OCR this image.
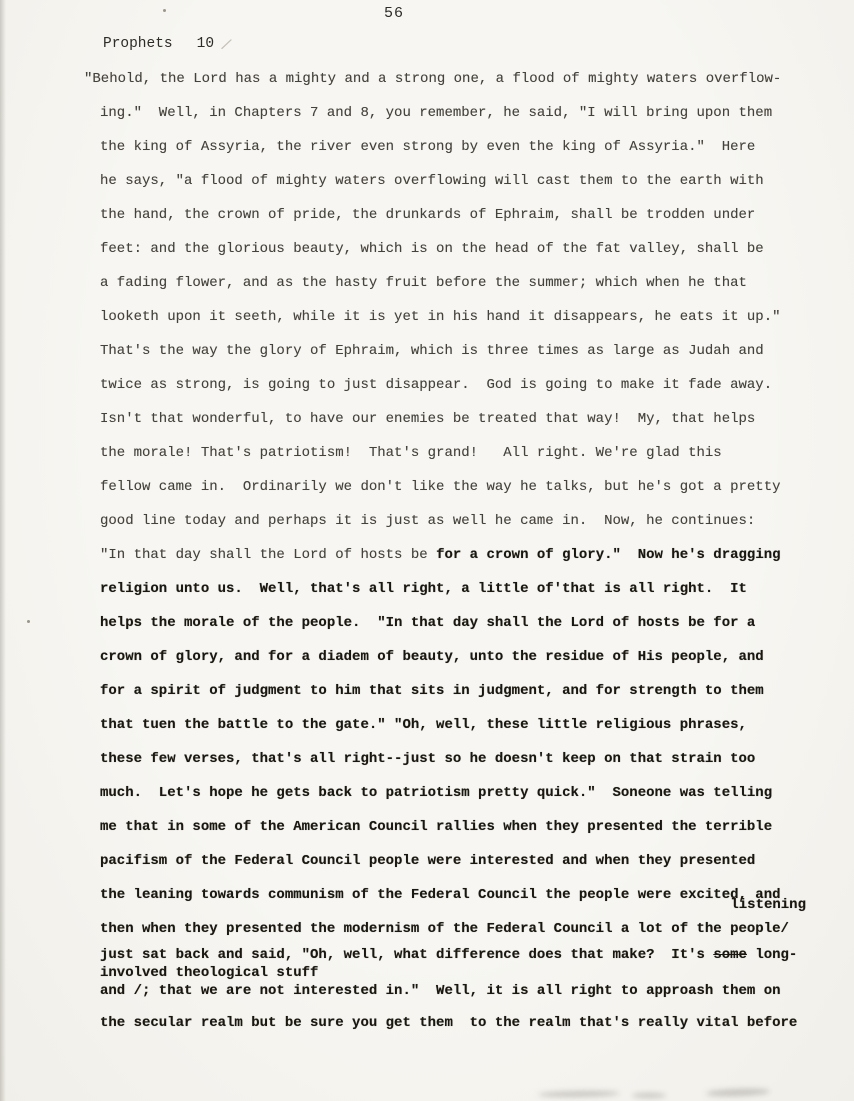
56
Prophets 10 /
"Behold, the Lord has a mighty and a strong one, a flood of mighty waters overflow-
ing."  Well, in Chapters 7 and 8, you remember, he said, "I will bring upon them
the king of Assyria, the river even strong by even the king of Assyria."  Here
he says, "a flood of mighty waters overflowing will cast them to the earth with
the hand, the crown of pride, the drunkards of Ephraim, shall be trodden under
feet: and the glorious beauty, which is on the head of the fat valley, shall be
a fading flower, and as the hasty fruit before the summer; which when he that
looketh upon it seeth, while it is yet in his hand it disappears, he eats it up."
That's the way the glory of Ephraim, which is three times as large as Judah and
twice as strong, is going to just disappear.  God is going to make it fade away.
Isn't that wonderful, to have our enemies be treated that way!  My, that helps
the morale! That's patriotism!  That's grand!   All right. We're glad this
fellow came in.  Ordinarily we don't like the way he talks, but he's got a pretty
good line today and perhaps it is just as well he came in.  Now, he continues:
"In that day shall the Lord of hosts be for a crown of glory."  Now he's dragging
religion unto us.  Well, that's all right, a little of'that is all right.  It
helps the morale of the people.  "In that day shall the Lord of hosts be for a
crown of glory, and for a diadem of beauty, unto the residue of His people, and
for a spirit of judgment to him that sits in judgment, and for strength to them
that tuen the battle to the gate." "Oh, well, these little religious phrases,
these few verses, that's all right--just so he doesn't keep on that strain too
much.  Let's hope he gets back to patriotism pretty quick."  Soneone was telling
me that in some of the American Council rallies when they presented the terrible
pacifism of the Federal Council people were interested and when they presented
the leaning towards communism of the Federal Council the people were excited, and
then when they presented the modernism of the Federal Council a lot of the people/
just sat back and said, "Oh, well, what difference does that make?  It's some long-
involved theological stuff
and /; that we are not interested in."  Well, it is all right to approash them on
the secular realm but be sure you get them  to the realm that's really vital before
listening
